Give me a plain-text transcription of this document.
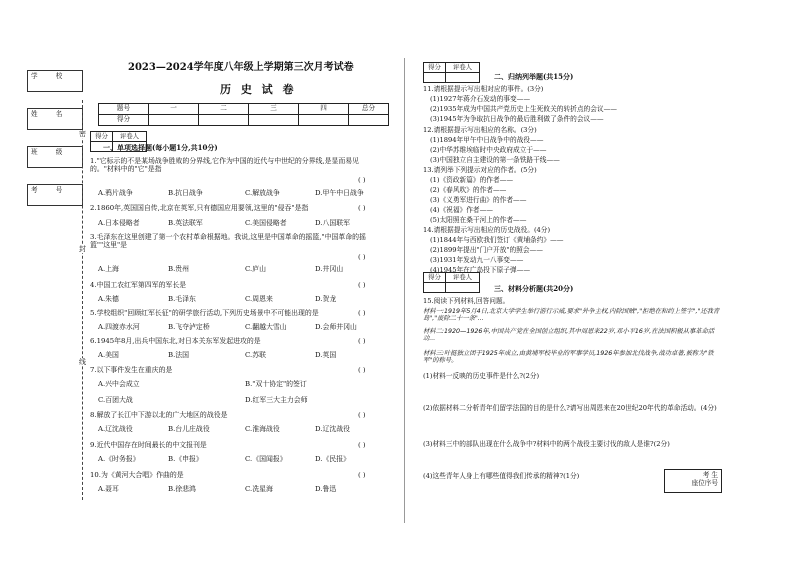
学 校
姓 名
班 级
考 号
密
封
线
2023—2024学年度八年级上学期第三次月考试卷
历 史 试 卷
题号	一	二	三	四	总分
得分					
得分	评卷人

一、单项选择题(每小题1分,共10分)
1."它标示的不是某场战争胜败的分界线,它作为中国的近代与中世纪的分界线,是显而易见的。"材料中的"它"是指
( )
A.鸦片战争	B.抗日战争	C.解放战争	D.甲午中日战争
2.1860年,英国国自传,北京在英军,只有德国应用要领,这里的"侵吞"是指	( )
A.日本侵略者	B.英法联军	C.美国侵略者	D.八国联军
3.毛泽东在这里创建了第一个农村革命根据地。我说,这里是中国革命的摇篮,"中国革命的摇篮""这里"是
( )
A.上海	B.贵州	C.庐山	D.井冈山
4.中国工农红军第四军的军长是	( )
A.朱德	B.毛泽东	C.周恩来	D.贺龙
5.学校组织"回顾红军长征"的研学旅行活动,下列历史场景中不可能出现的是	( )
A.四渡赤水河	B.飞夺泸定桥	C.翻越大雪山	D.会师井冈山
6.1945年8月,出兵中国东北,对日本关东军发起进攻的是	( )
A.美国	B.法国	C.苏联	D.英国
7.以下事件发生在重庆的是	( )
A.兴中会成立	B."双十协定"的签订
C.百团大战	D.红军三大主力会师
8.解放了长江中下游以北的广大地区的战役是	( )
A.辽沈战役	B.台儿庄战役	C.淮海战役	D.辽沈战役
9.近代中国存在时间最长的中文报刊是	( )
A.《时务报》	B.《申报》	C.《国闻报》	D.《民报》
10.为《黄河大合唱》作曲的是	( )
A.聂耳	B.徐悲鸿	C.冼星海	D.鲁迅
得分	评卷人

二、归纳列举题(共15分)
11.请根据提示写出相对应的事件。(3分)
(1)1927年蒋介石发动的事变——
(2)1935年成为中国共产党历史上生死攸关的转折点的会议——
(3)1945年为争取抗日战争的最后胜利做了条件的会议——
12.请根据提示写出相应的名称。(3分)
(1)1894年甲午中日战争中的战役——
(2)中华苏维埃临时中央政府成立于——
(3)中国独立自主建设的第一条铁路干线——
13.请列举下列提示对应的作者。(5分)
(1)《资政新篇》的作者——
(2)《春风吹》的作者——
(3)《义勇军进行曲》的作者——
(4)《祝福》作者——
(5)太阳照在桑干河上的作者——
14.请根据提示写出相应的历史战役。(4分)
(1)1844年与西欧我们签订《黄埔条约》——
(2)1899年提出"门户开放"的照会——
(3)1931年发动九一八事变——
(4)1945年在广岛投下原子弹——
得分	评卷人

三、材料分析题(共20分)
15.阅读下列材料,回答问题。
材料一:1919年5月4日,北京大学学生举行游行示威,要求"外争主权,内除国贼","拒绝在和约上签字","还我青岛","废除二十一条"...
材料二:1920—1926年,中国共产党在全国创立组织,其中周恩来22岁,邓小平16岁,在法国积极从事革命活动...
材料三:叶挺独立团于1925年成立,由黄埔军校毕业的军事学员,1926年参加北伐战争,战功卓著,被称为"铁军"的称号。
(1)材料一反映的历史事件是什么?(2分)
(2)依据材料二分析青年们留学法国的目的是什么?请写出周恩来在20世纪20年代的革命活动。(4分)
(3)材料三中的部队出现在什么战争中?材料中的两个战役主要讨伐的敌人是谁?(2分)
(4)这些青年人身上有哪些值得我们传承的精神?(1分)	考 生
座位序号
